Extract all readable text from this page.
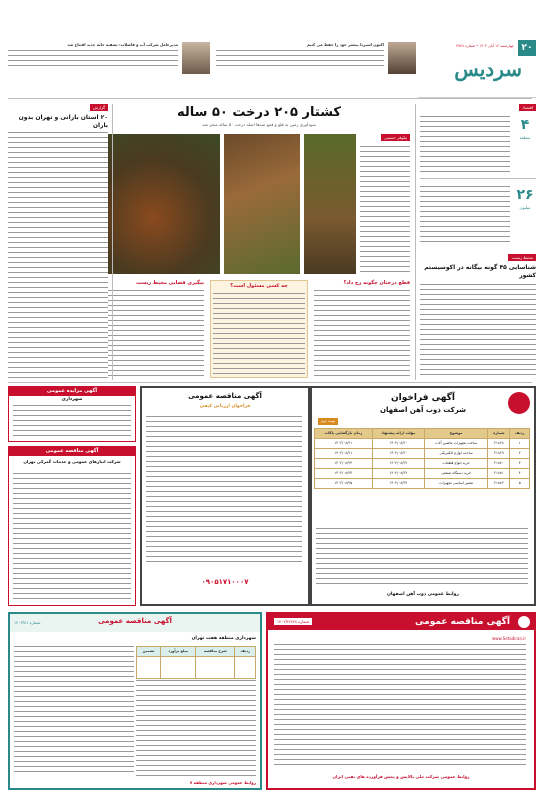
۲۰
چهارشنبه ۱۲ آبان ۱۴۰۲ • شماره ۳۷۲۸
سردیس
مدیرعامل شرکت آب و فاضلاب: تصفیه خانه جدید افتتاح شد	اکنون اسیرنا بیشتر خود را حفظ می کنیم
اقتصاد
۴
منطقه
۲۶
میلیون
محیط زیست
شناسایی ۴۵ گونه بیگانه در اکوسیستم کشور
کشتار ۲۰۵ درخت ۵۰ ساله
سودآوری زمین به قلع و قمع صدها اصله درخت ۵۰ ساله منجر شد
نیلوفر حسینی
قطع درختان چگونه رخ داد؟
چه کسی مسئول است؟
پیگیری قضایی محیط زیست
گزارش
۲۰ استان بارانی و تهران بدون باران
آگهی فراخوان
شرکت ذوب آهن اصفهان
نوبت دوم
ردیف	شماره	موضوع	مهلت ارائه پیشنهاد	زمان بازگشایی پاکات
۱	۲۱۸۶۸	ساخت تجهیزات ماشین آلات	۱۴۰۲/۰۸/۲۰	۱۴۰۲/۰۸/۲۱
۲	۲۱۸۶۹	ساخت لوازم الکتریکی	۱۴۰۲/۰۸/۲۰	۱۴۰۲/۰۸/۲۱
۳	۲۱۸۷۰	خرید انواع قطعات	۱۴۰۲/۰۸/۲۲	۱۴۰۲/۰۸/۲۳
۴	۲۱۸۷۱	خرید دستگاه صنعتی	۱۴۰۲/۰۸/۲۲	۱۴۰۲/۰۸/۲۳
۵	۲۱۸۷۲	تعمیر اساسی تجهیزات	۱۴۰۲/۰۸/۲۴	۱۴۰۲/۰۸/۲۵
روابط عمومی ذوب آهن اصفهان
آگهی مناقصه عمومی
فراخوان ارزیابی کیفی
۰۹۰۵۱۷۱۰۰۰۷
آگهی مزایده عمومی
شهرداری
آگهی مناقصه عمومی
شرکت انبارهای عمومی و خدمات گمرکی تهران
آگهی مناقصه عمومی
شماره ۱۴۰۲/۲/۸۴۸
www.Setadiran.ir
روابط عمومی شرکت ملی پالایش و پخش فرآورده های نفتی ایران
آگهی مناقصه عمومی
شماره ۱۴۰۳/۸۱
شهرداری منطقه هفت تهران
ردیف	شرح مناقصه	مبلغ برآورد	تضمین

روابط عمومی شهرداری منطقه ۷
